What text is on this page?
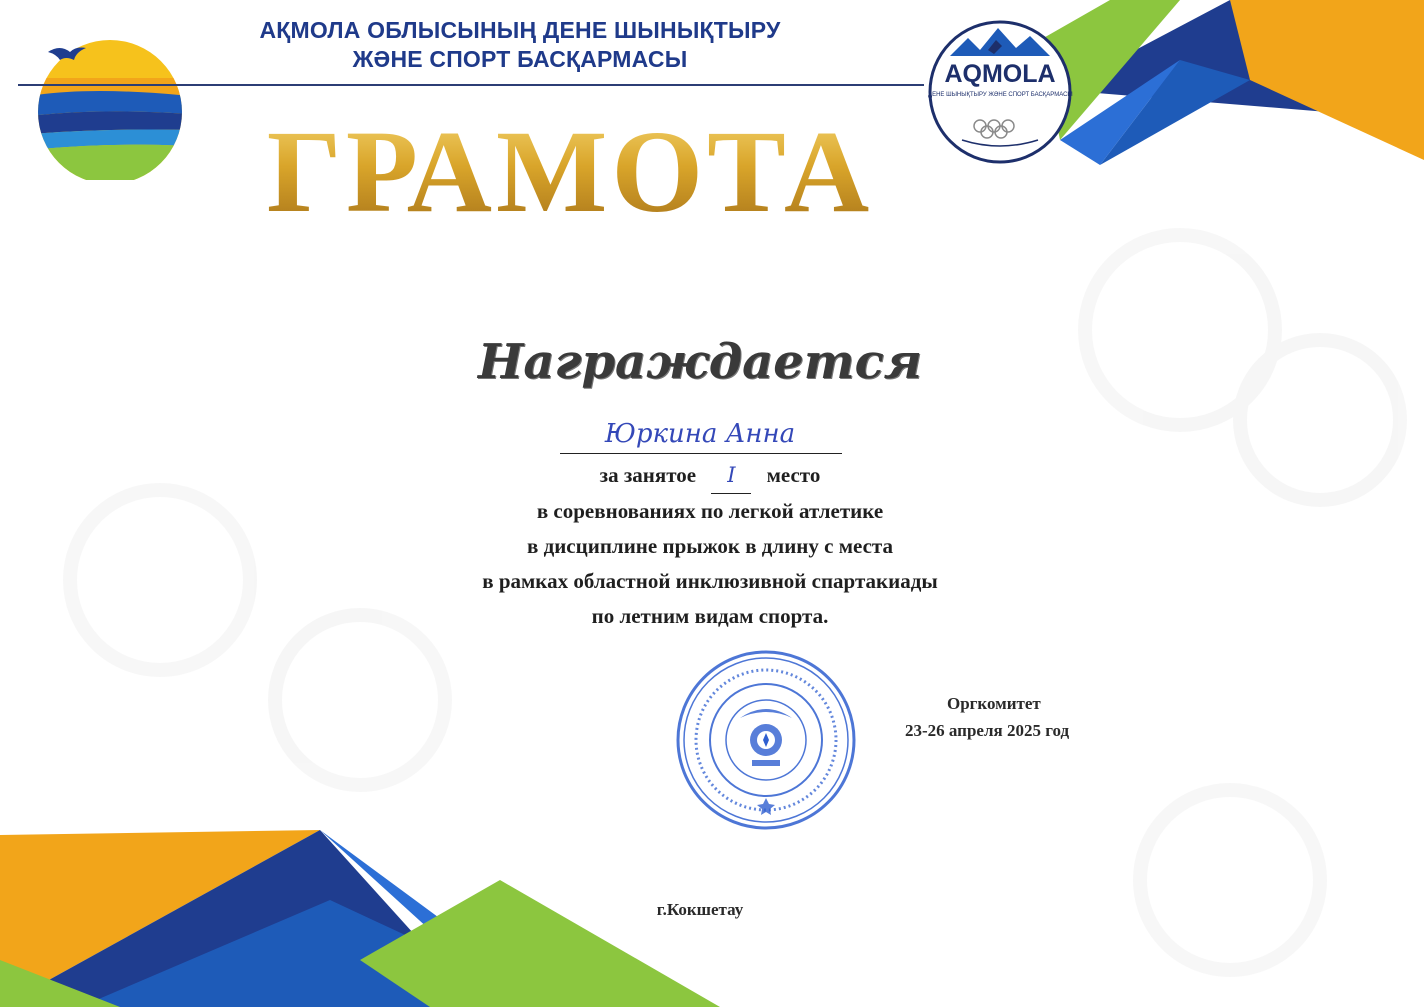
АҚМОЛА ОБЛЫСЫНЫҢ ДЕНЕ ШЫНЫҚТЫРУ
ЖӘНЕ СПОРТ БАСҚАРМАСЫ
AQMOLA
ДЕНЕ ШЫНЫҚТЫРУ ЖӘНЕ СПОРТ БАСҚАРМАСЫ
ГРАМОТА
Награждается
Юркина Анна
за занятое I место
в соревнованиях по легкой атлетике
в дисциплине прыжок в длину с места
в рамках областной инклюзивной спартакиады
по летним видам спорта.
Оргкомитет
23-26 апреля 2025 год
г.Кокшетау
